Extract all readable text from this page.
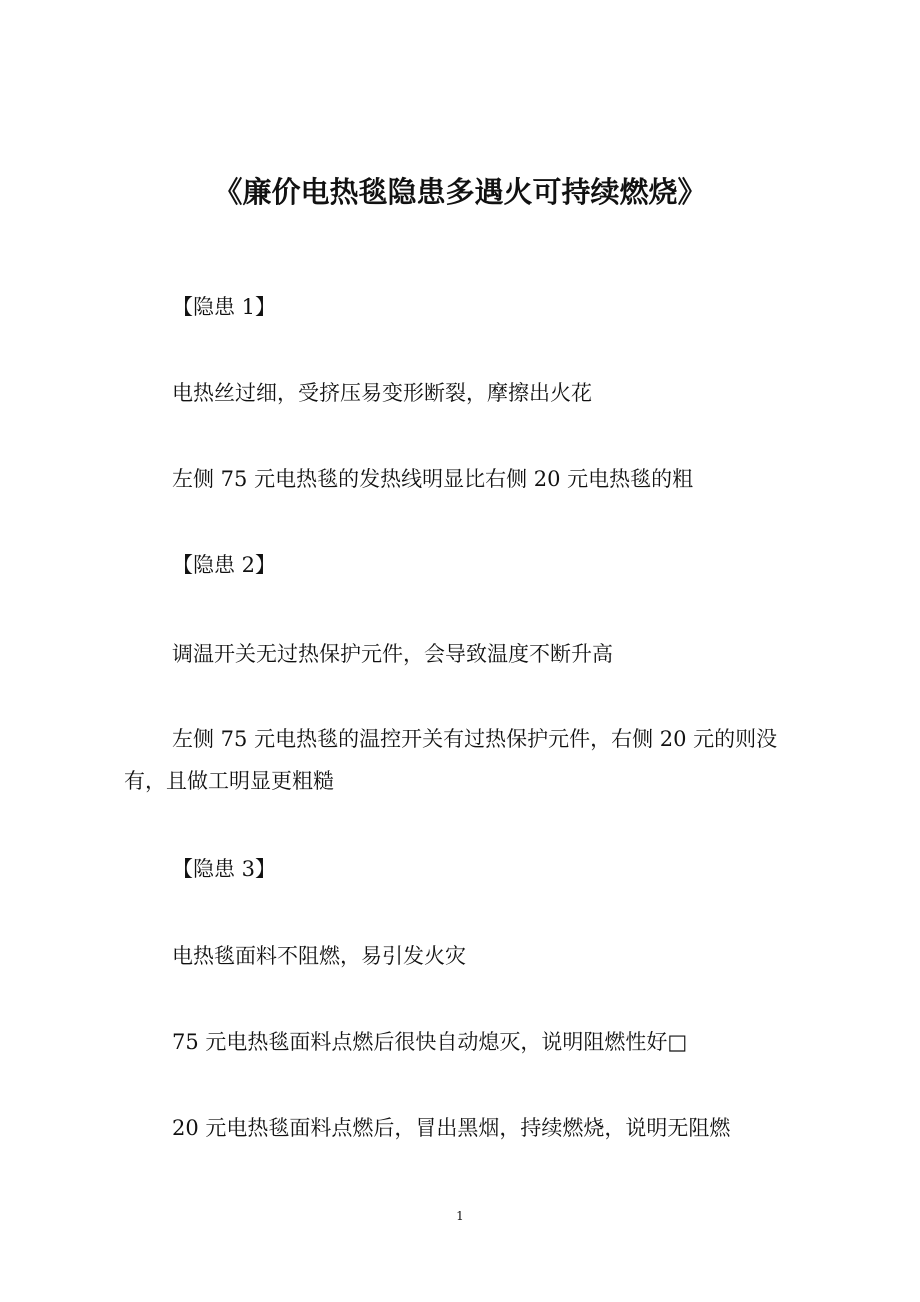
《廉价电热毯隐患多遇火可持续燃烧》

【隐患 1】

电热丝过细，受挤压易变形断裂，摩擦出火花

左侧 75 元电热毯的发热线明显比右侧 20 元电热毯的粗

【隐患 2】

调温开关无过热保护元件，会导致温度不断升高

左侧 75 元电热毯的温控开关有过热保护元件，右侧 20 元的则没有，且做工明显更粗糙

【隐患 3】

电热毯面料不阻燃，易引发火灾

75 元电热毯面料点燃后很快自动熄灭，说明阻燃性好□

20 元电热毯面料点燃后，冒出黑烟，持续燃烧，说明无阻燃

1
